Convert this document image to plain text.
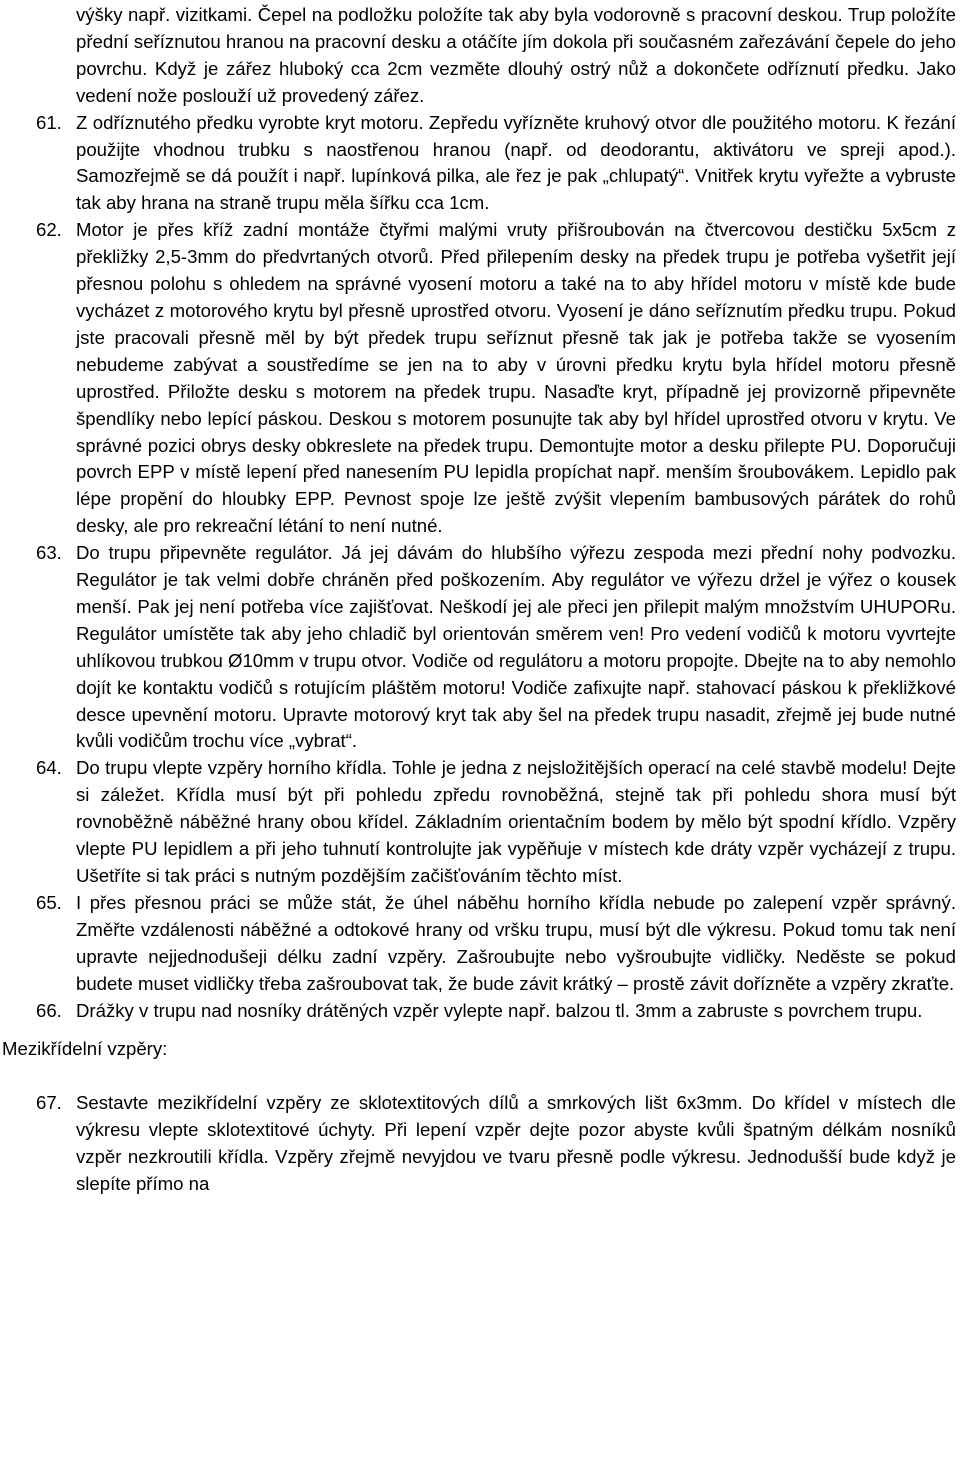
výšky např. vizitkami. Čepel na podložku položíte tak aby byla vodorovně s pracovní deskou. Trup položíte přední seříznutou hranou na pracovní desku a otáčíte jím dokola při současném zařezávání čepele do jeho povrchu. Když je zářez hluboký cca 2cm vezměte dlouhý ostrý nůž a dokončete odříznutí předku. Jako vedení nože poslouží už provedený zářez.

61. Z odříznutého předku vyrobte kryt motoru. Zepředu vyřízněte kruhový otvor dle použitého motoru. K řezání použijte vhodnou trubku s naostřenou hranou (např. od deodorantu, aktivátoru ve spreji apod.). Samozřejmě se dá použít i např. lupínková pilka, ale řez je pak „chlupatý“. Vnitřek krytu vyřežte a vybruste tak aby hrana na straně trupu měla šířku cca 1cm.

62. Motor je přes kříž zadní montáže čtyřmi malými vruty přišroubován na čtvercovou destičku 5x5cm z překližky 2,5-3mm do předvrtaných otvorů. Před přilepením desky na předek trupu je potřeba vyšetřit její přesnou polohu s ohledem na správné vyosení motoru a také na to aby hřídel motoru v místě kde bude vycházet z motorového krytu byl přesně uprostřed otvoru. Vyosení je dáno seříznutím předku trupu. Pokud jste pracovali přesně měl by být předek trupu seříznut přesně tak jak je potřeba takže se vyosením nebudeme zabývat a soustředíme se jen na to aby v úrovni předku krytu byla hřídel motoru přesně uprostřed. Přiložte desku s motorem na předek trupu. Nasaďte kryt, případně jej provizorně připevněte špendlíky nebo lepící páskou. Deskou s motorem posunujte tak aby byl hřídel uprostřed otvoru v krytu. Ve správné pozici obrys desky obkreslete na předek trupu. Demontujte motor a desku přilepte PU. Doporučuji povrch EPP v místě lepení před nanesením PU lepidla propíchat např. menším šroubovákem. Lepidlo pak lépe propění do hloubky EPP. Pevnost spoje lze ještě zvýšit vlepením bambusových párátek do rohů desky, ale pro rekreační létání to není nutné.

63. Do trupu připevněte regulátor. Já jej dávám do hlubšího výřezu zespoda mezi přední nohy podvozku. Regulátor je tak velmi dobře chráněn před poškozením. Aby regulátor ve výřezu držel je výřez o kousek menší. Pak jej není potřeba více zajišťovat. Neškodí jej ale přeci jen přilepit malým množstvím UHUPORu. Regulátor umístěte tak aby jeho chladič byl orientován směrem ven! Pro vedení vodičů k motoru vyvrtejte uhlíkovou trubkou Ø10mm v trupu otvor. Vodiče od regulátoru a motoru propojte. Dbejte na to aby nemohlo dojít ke kontaktu vodičů s rotujícím pláštěm motoru! Vodiče zafixujte např. stahovací páskou k překližkové desce upevnění motoru. Upravte motorový kryt tak aby šel na předek trupu nasadit, zřejmě jej bude nutné kvůli vodičům trochu více „vybrat“.

64. Do trupu vlepte vzpěry horního křídla. Tohle je jedna z nejsložitějších operací na celé stavbě modelu! Dejte si záležet. Křídla musí být při pohledu zpředu rovnoběžná, stejně tak při pohledu shora musí být rovnoběžně náběžné hrany obou křídel. Základním orientačním bodem by mělo být spodní křídlo. Vzpěry vlepte PU lepidlem a při jeho tuhnutí kontrolujte jak vypěňuje v místech kde dráty vzpěr vycházejí z trupu. Ušetříte si tak práci s nutným pozdějším začišťováním těchto míst.

65. I přes přesnou práci se může stát, že úhel náběhu horního křídla nebude po zalepení vzpěr správný. Změřte vzdálenosti náběžné a odtokové hrany od vršku trupu, musí být dle výkresu. Pokud tomu tak není upravte nejjednodušeji délku zadní vzpěry. Zašroubujte nebo vyšroubujte vidličky. Neděste se pokud budete muset vidličky třeba zašroubovat tak, že bude závit krátký – prostě závit dořízněte a vzpěry zkraťte.

66. Drážky v trupu nad nosníky drátěných vzpěr vylepte např. balzou tl. 3mm a zabruste s povrchem trupu.

Mezikřídelní vzpěry:

67. Sestavte mezikřídelní vzpěry ze sklotextitových dílů a smrkových lišt 6x3mm. Do křídel v místech dle výkresu vlepte sklotextitové úchyty. Při lepení vzpěr dejte pozor abyste kvůli špatným délkám nosníků vzpěr nezkroutili křídla. Vzpěry zřejmě nevyjdou ve tvaru přesně podle výkresu. Jednodušší bude když je slepíte přímo na
